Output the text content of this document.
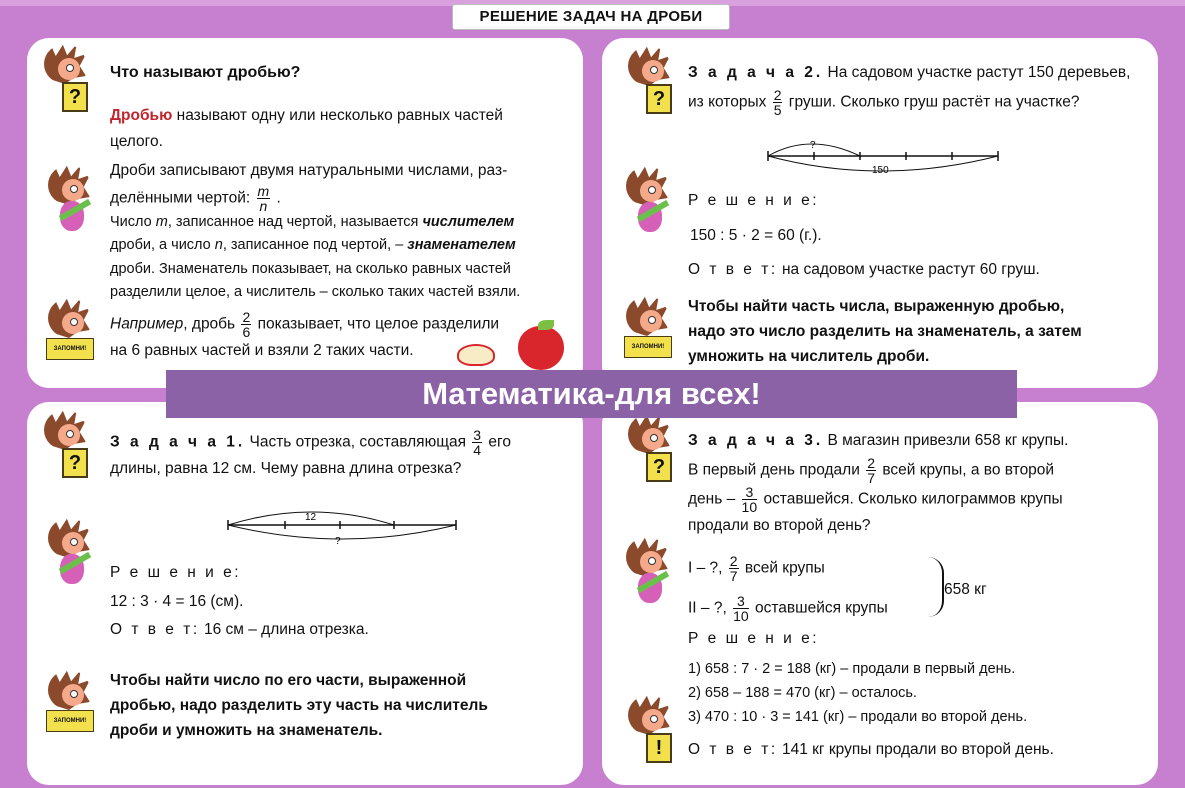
РЕШЕНИЕ ЗАДАЧ НА ДРОБИ
?
Что называют дробью?
Дробью называют одну или несколько равных частей
целого.
Дроби записывают двумя натуральными числами, раз-
делёнными чертой: $\frac{m}{n}$ .
Число m, записанное над чертой, называется числителем
дроби, а число n, записанное под чертой, – знаменателем
дроби. Знаменатель показывает, на сколько равных частей
разделили целое, а числитель – сколько таких частей взяли.
ЗАПОМНИ!
Например, дробь $\frac{2}{6}$ показывает, что целое разделили
на 6 равных частей и взяли 2 таких части.
?
З а д а ч а 2. На садовом участке растут 150 деревьев,
из которых $\frac{2}{5}$ груши. Сколько груш растёт на участке?
?
150
Р е ш е н и е:
150 : 5 · 2 = 60 (г.).
О т в е т: на садовом участке растут 60 груш.
ЗАПОМНИ!
Чтобы найти часть числа, выраженную дробью,
надо это число разделить на знаменатель, а затем
умножить на числитель дроби.
?
З а д а ч а 1. Часть отрезка, составляющая $\frac{3}{4}$ его
длины, равна 12 см. Чему равна длина отрезка?
12
?
Р е ш е н и е:
12 : 3 · 4 = 16 (см).
О т в е т: 16 см – длина отрезка.
ЗАПОМНИ!
Чтобы найти число по его части, выраженной
дробью, надо разделить эту часть на числитель
дроби и умножить на знаменатель.
?
З а д а ч а 3. В магазин привезли 658 кг крупы.
В первый день продали $\frac{2}{7}$ всей крупы, а во второй
день – $\frac{3}{10}$ оставшейся. Сколько килограммов крупы
продали во второй день?
I – ?, $\frac{2}{7}$ всей крупы
II – ?, $\frac{3}{10}$ оставшейся крупы
658 кг
Р е ш е н и е:
1) 658 : 7 · 2 = 188 (кг) – продали в первый день.
2) 658 – 188 = 470 (кг) – осталось.
3) 470 : 10 · 3 = 141 (кг) – продали во второй день.
!	О т в е т: 141 кг крупы продали во второй день.
Математика-для всех!
